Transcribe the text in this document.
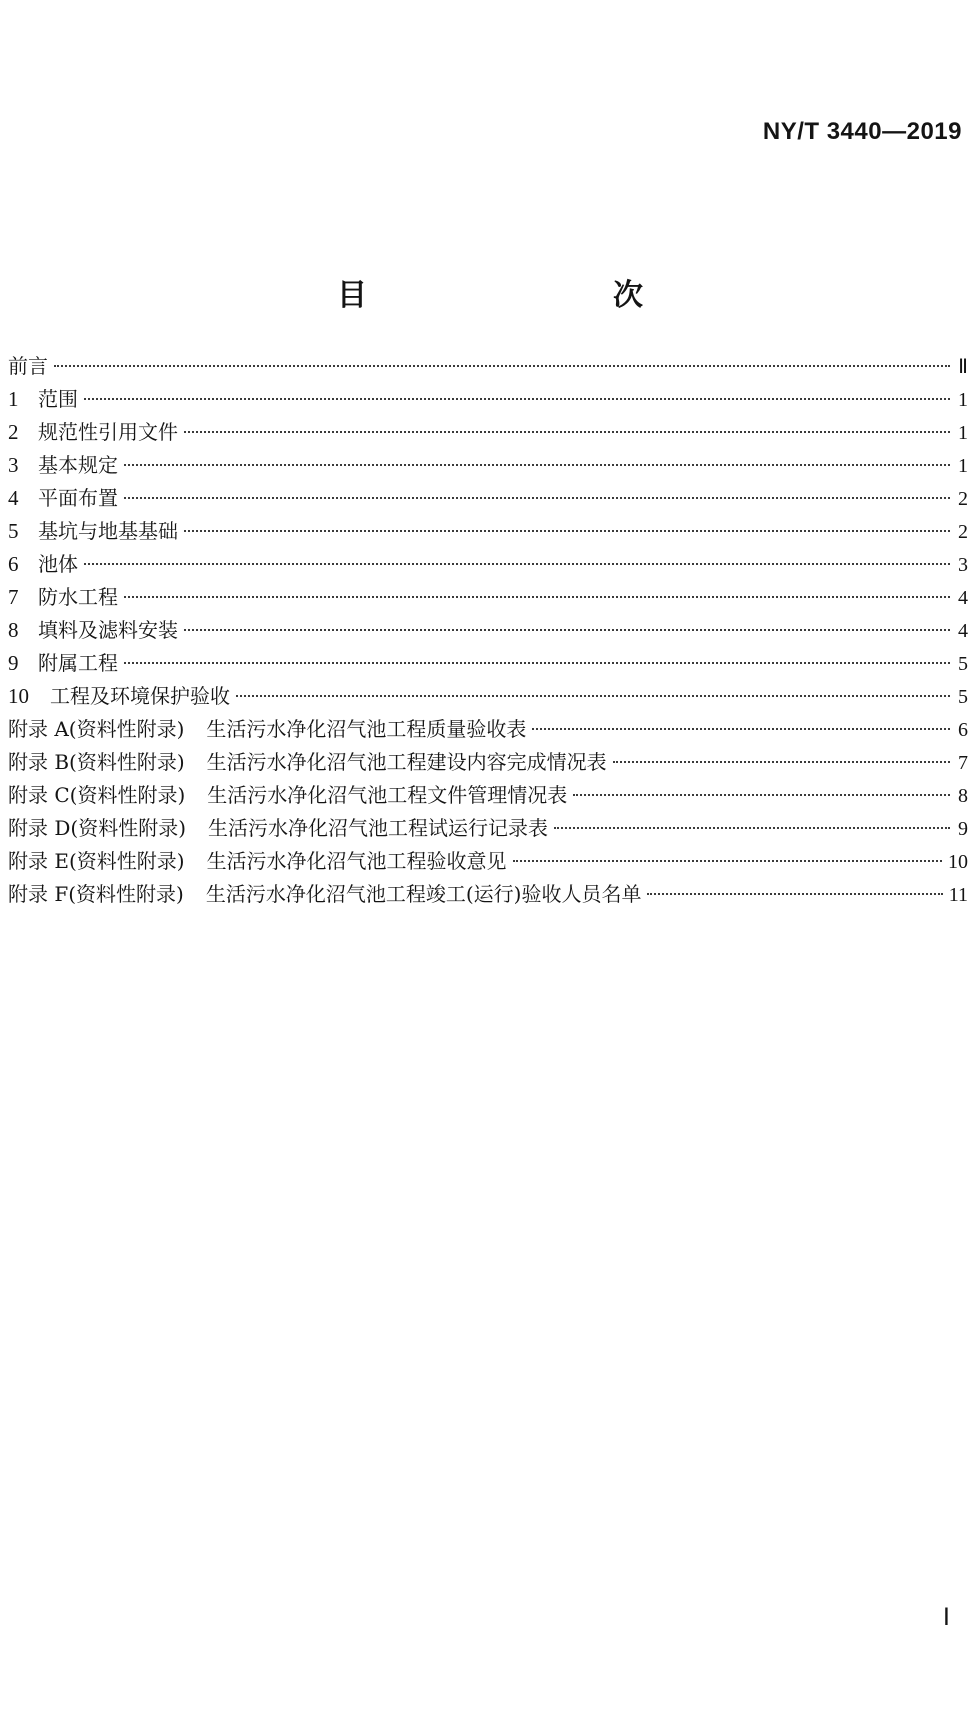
NY/T 3440—2019
目　　次
前言	Ⅱ
1 范围	1
2 规范性引用文件	1
3 基本规定	1
4 平面布置	2
5 基坑与地基基础	2
6 池体	3
7 防水工程	4
8 填料及滤料安装	4
9 附属工程	5
10	工程及环境保护验收	5
附录 A(资料性附录) 生活污水净化沼气池工程质量验收表	6
附录 B(资料性附录) 生活污水净化沼气池工程建设内容完成情况表	7
附录 C(资料性附录) 生活污水净化沼气池工程文件管理情况表	8
附录 D(资料性附录) 生活污水净化沼气池工程试运行记录表	9
附录 E(资料性附录) 生活污水净化沼气池工程验收意见	10
附录 F(资料性附录) 生活污水净化沼气池工程竣工(运行)验收人员名单	11
Ⅰ
